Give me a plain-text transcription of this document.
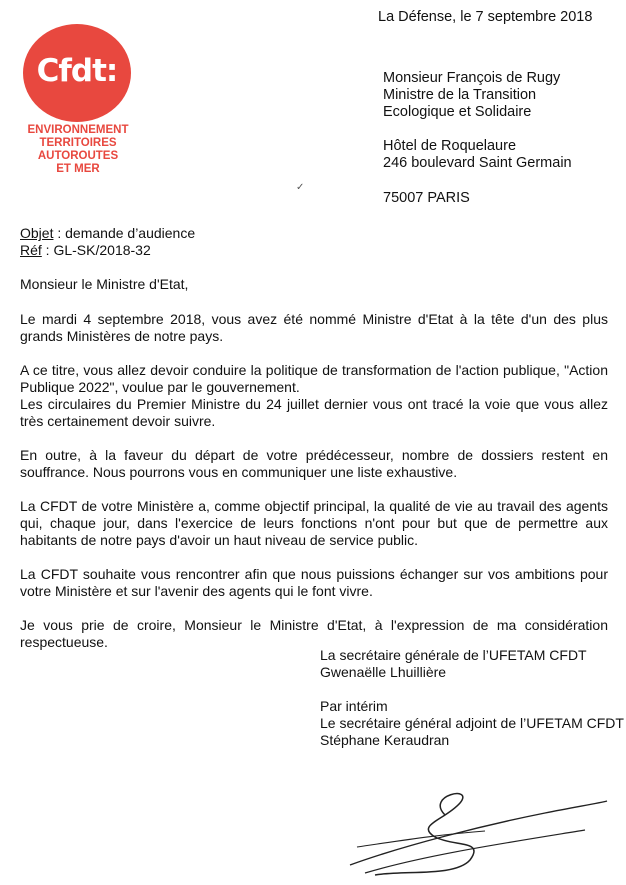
La Défense, le 7 septembre 2018
Cfdt:
ENVIRONNEMENT
TERRITOIRES
AUTOROUTES
ET MER
Monsieur François de Rugy
Ministre de la Transition
Ecologique et Solidaire
Hôtel de Roquelaure
246 boulevard Saint Germain
75007 PARIS
✓
Objet : demande d’audience
Réf : GL-SK/2018-32

Monsieur le Ministre d'Etat,

Le mardi 4 septembre 2018, vous avez été nommé Ministre d'Etat à la tête d'un des plus grands Ministères de notre pays.

A ce titre, vous allez devoir conduire la politique de transformation de l'action publique, "Action Publique 2022", voulue par le gouvernement.

Les circulaires du Premier Ministre du 24 juillet dernier vous ont tracé la voie que vous allez très certainement devoir suivre.

En outre, à la faveur du départ de votre prédécesseur, nombre de dossiers restent en souffrance. Nous pourrons vous en communiquer une liste exhaustive.

La CFDT de votre Ministère a, comme objectif principal, la qualité de vie au travail des agents qui, chaque jour, dans l'exercice de leurs fonctions n'ont pour but que de permettre aux habitants de notre pays d'avoir un haut niveau de service public.

La CFDT souhaite vous rencontrer afin que nous puissions échanger sur vos ambitions pour votre Ministère et sur l'avenir des agents qui le font vivre.

Je vous prie de croire, Monsieur le Ministre d'Etat, à l'expression de ma considération respectueuse.

La secrétaire générale de l’UFETAM CFDT
Gwenaëlle Lhuillière
Par intérim
Le secrétaire général adjoint de l’UFETAM CFDT
Stéphane Keraudran
